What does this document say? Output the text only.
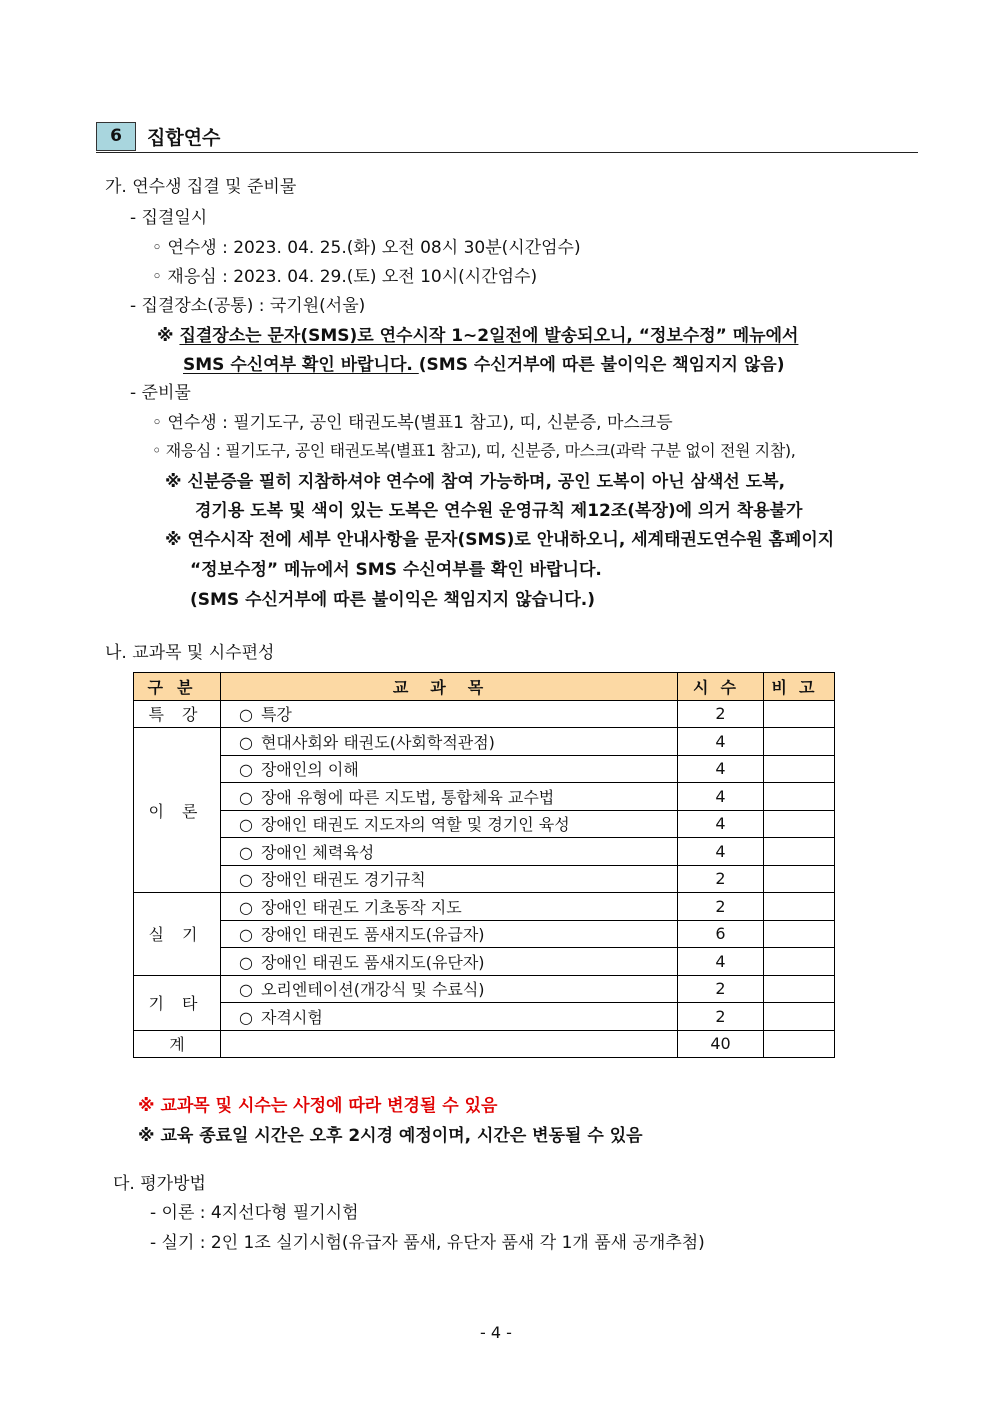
6	집합연수
가. 연수생 집결 및 준비물
- 집결일시
◦ 연수생 : 2023. 04. 25.(화) 오전 08시 30분(시간엄수)
◦ 재응심 : 2023. 04. 29.(토) 오전 10시(시간엄수)
- 집결장소(공통) : 국기원(서울)
※ 집결장소는 문자(SMS)로 연수시작 1~2일전에 발송되오니, “정보수정” 메뉴에서
SMS 수신여부 확인 바랍니다. (SMS 수신거부에 따른 불이익은 책임지지 않음)
- 준비물
◦ 연수생 : 필기도구, 공인 태권도복(별표1 참고), 띠, 신분증, 마스크등
◦ 재응심 : 필기도구, 공인 태권도복(별표1 참고), 띠, 신분증, 마스크(과락 구분 없이 전원 지참),
※ 신분증을 필히 지참하셔야 연수에 참여 가능하며, 공인 도복이 아닌 삼색선 도복,
경기용 도복 및 색이 있는 도복은 연수원 운영규칙 제12조(복장)에 의거 착용불가
※ 연수시작 전에 세부 안내사항을 문자(SMS)로 안내하오니, 세계태권도연수원 홈페이지
“정보수정” 메뉴에서 SMS 수신여부를 확인 바랍니다.
(SMS 수신거부에 따른 불이익은 책임지지 않습니다.)
나. 교과목 및 시수편성
구분	교과목	시수	비고
특강	○ 특강	2	
이론	○ 현대사회와 태권도(사회학적관점)	4	
	○ 장애인의 이해	4	
	○ 장애 유형에 따른 지도법, 통합체육 교수법	4	
	○ 장애인 태권도 지도자의 역할 및 경기인 육성	4	
	○ 장애인 체력육성	4	
	○ 장애인 태권도 경기규칙	2	
실기	○ 장애인 태권도 기초동작 지도	2	
	○ 장애인 태권도 품새지도(유급자)	6	
	○ 장애인 태권도 품새지도(유단자)	4	
기타	○ 오리엔테이션(개강식 및 수료식)	2	
	○ 자격시험	2	
계		40	
※ 교과목 및 시수는 사정에 따라 변경될 수 있음
※ 교육 종료일 시간은 오후 2시경 예정이며, 시간은 변동될 수 있음
다. 평가방법
- 이론 : 4지선다형 필기시험
- 실기 : 2인 1조 실기시험(유급자 품새, 유단자 품새 각 1개 품새 공개추첨)
- 4 -
